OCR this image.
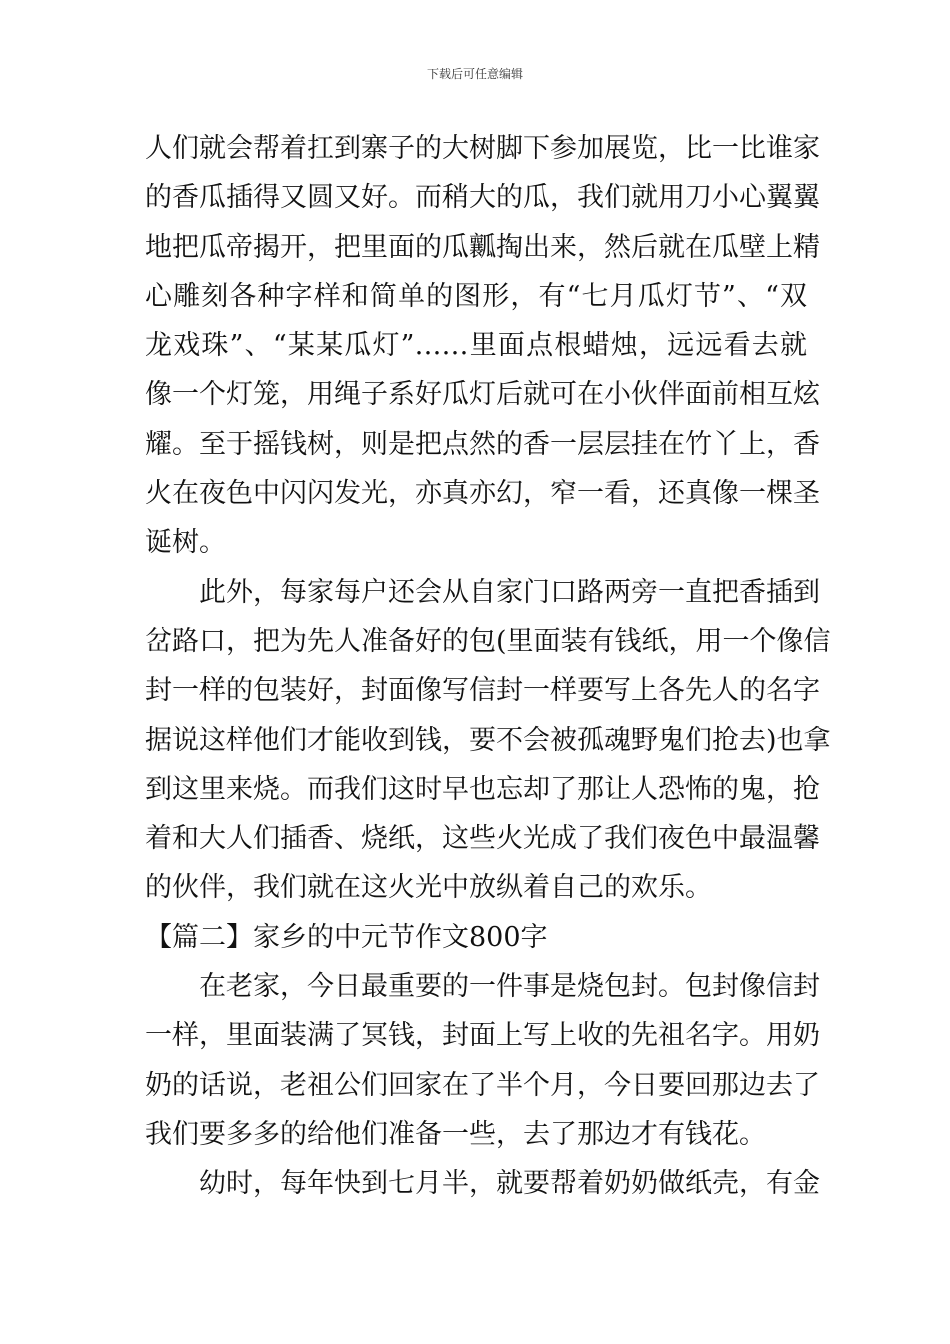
下载后可任意编辑
人们就会帮着扛到寨子的大树脚下参加展览，比一比谁家
的香瓜插得又圆又好。而稍大的瓜，我们就用刀小心翼翼
地把瓜帝揭开，把里面的瓜瓤掏出来，然后就在瓜壁上精
心雕刻各种字样和简单的图形，有“七月瓜灯节”、“双
龙戏珠”、“某某瓜灯”……里面点根蜡烛，远远看去就
像一个灯笼，用绳子系好瓜灯后就可在小伙伴面前相互炫
耀。至于摇钱树，则是把点然的香一层层挂在竹丫上，香
火在夜色中闪闪发光，亦真亦幻，窄一看，还真像一棵圣
诞树。
此外，每家每户还会从自家门口路两旁一直把香插到
岔路口，把为先人准备好的包(里面装有钱纸，用一个像信
封一样的包装好，封面像写信封一样要写上各先人的名字
据说这样他们才能收到钱，要不会被孤魂野鬼们抢去)也拿
到这里来烧。而我们这时早也忘却了那让人恐怖的鬼，抢
着和大人们插香、烧纸，这些火光成了我们夜色中最温馨
的伙伴，我们就在这火光中放纵着自己的欢乐。
【篇二】家乡的中元节作文800字
在老家，今日最重要的一件事是烧包封。包封像信封
一样，里面装满了冥钱，封面上写上收的先祖名字。用奶
奶的话说，老祖公们回家在了半个月，今日要回那边去了
我们要多多的给他们准备一些，去了那边才有钱花。
幼时，每年快到七月半，就要帮着奶奶做纸壳，有金
